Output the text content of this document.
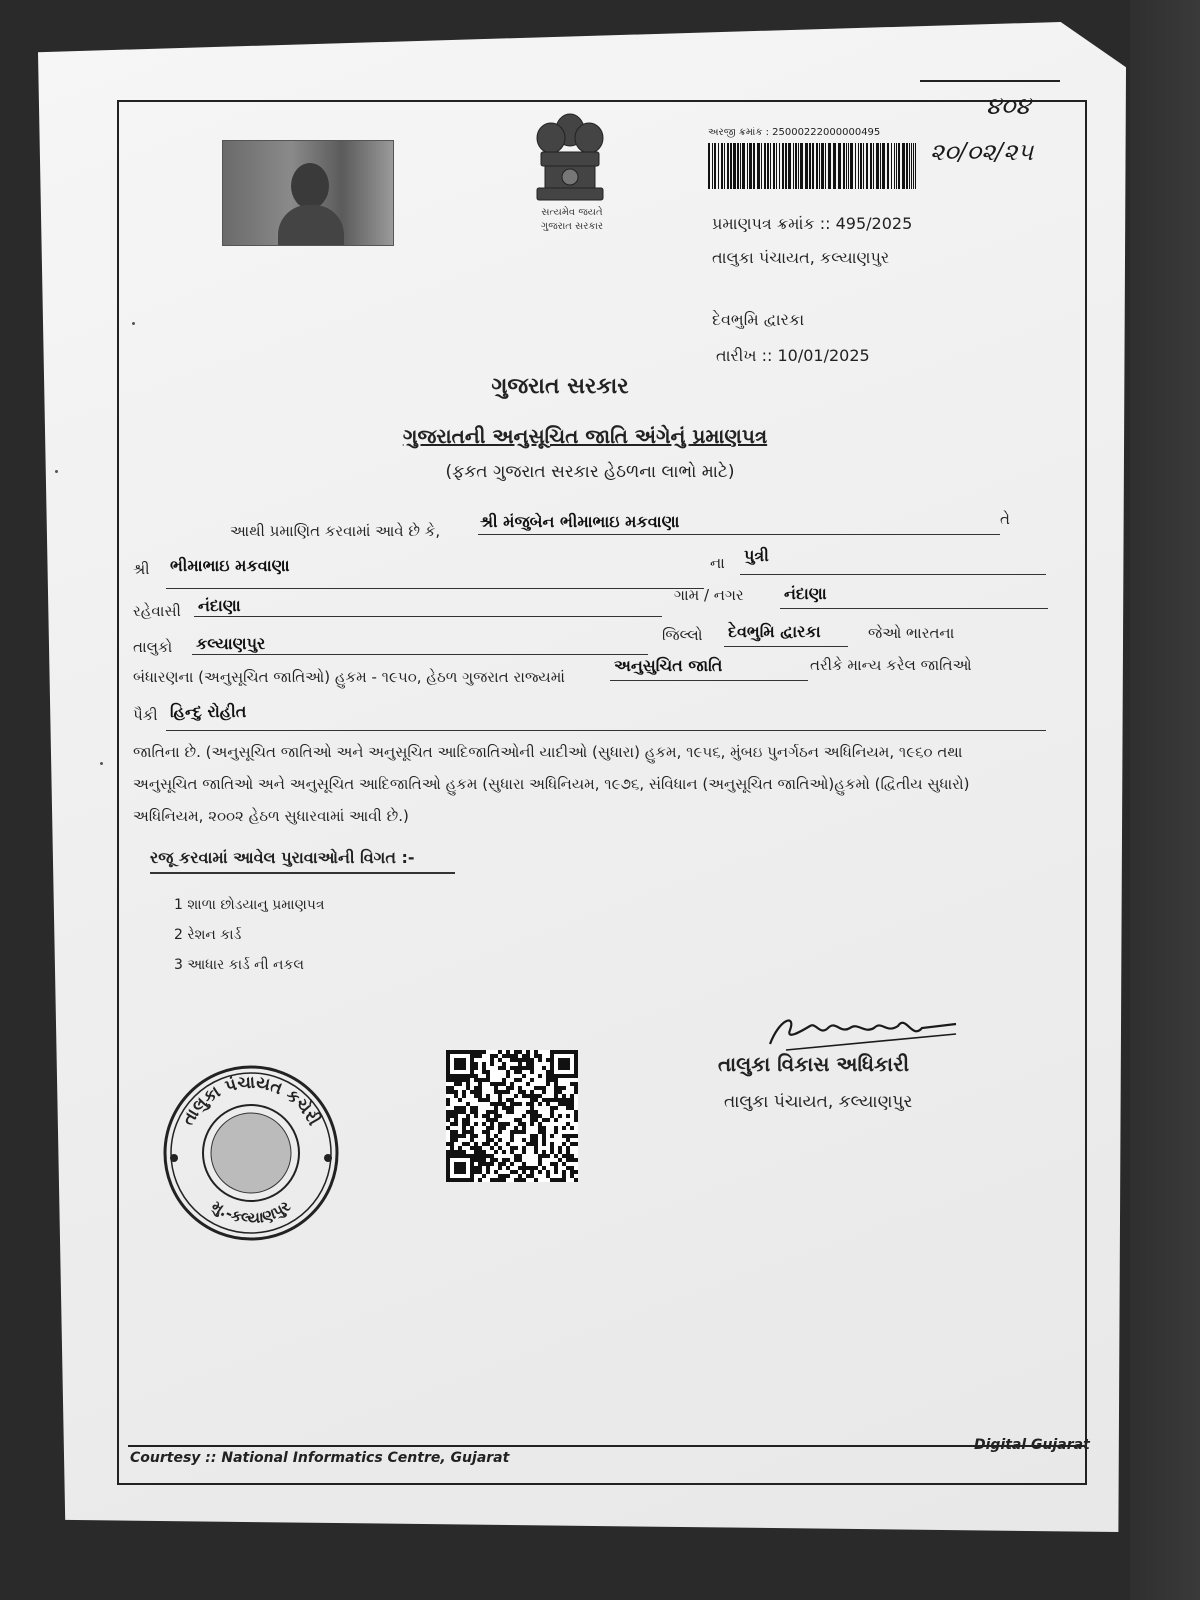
સત્યમેવ જયતે
ગુજરાત સરકાર
અરજી ક્રમાંક : 25000222000000495
પ્રમાણપત્ર ક્રમાંક :: 495/2025
તાલુકા પંચાયત, કલ્યાણપુર
દેવભુમિ દ્વારકા
તારીખ :: 10/01/2025
૪૦૪
૨૦/૦૨/૨૫
ગુજરાત સરકાર
ગુજરાતની અનુસૂચિત જાતિ અંગેનું પ્રમાણપત્ર
(ફકત ગુજરાત સરકાર હેઠળના લાભો માટે)
આથી પ્રમાણિત કરવામાં આવે છે કે, શ્રી મંજુબેન ભીમાભાઇ મકવાણા	તે
શ્રી ભીમાભાઇ મકવાણા	ના પુત્રી
રહેવાસી નંદાણા
ગામ / નગર	નંદાણા
તાલુકો કલ્યાણપુર	જિલ્લો દેવભુમિ દ્વારકા	જેઓ ભારતના
બંધારણના (અનુસૂચિત જાતિઓ) હુકમ - ૧૯૫૦, હેઠળ ગુજરાત રાજ્યમાં
અનુસુચિત જાતિ	તરીકે માન્ય કરેલ જાતિઓ
પૈકી હિન્દુ રોહીત
જાતિના છે. (અનુસૂચિત જાતિઓ અને અનુસૂચિત આદિજાતિઓની યાદીઓ (સુધારા) હુકમ, ૧૯૫૬, મુંબઇ પુનર્ગઠન અધિનિયમ, ૧૯૬૦ તથા
અનુસૂચિત જાતિઓ અને અનુસૂચિત આદિજાતિઓ હુકમ (સુધારા અધિનિયમ, ૧૯૭૬, સંવિધાન (અનુસૂચિત જાતિઓ)હુકમો (દ્વિતીય સુધારો)
અધિનિયમ, ૨૦૦૨ હેઠળ સુધારવામાં આવી છે.)
રજૂ કરવામાં આવેલ પુરાવાઓની વિગત :-
1 શાળા છોડયાનુ પ્રમાણપત્ર
2 રેશન કાર્ડ
3 આધાર કાર્ડ ની નકલ
તાલુકા પંચાયત કચેરી
મુ.-કલ્યાણપુર
તાલુકા વિકાસ અધિકારી
તાલુકા પંચાયત, કલ્યાણપુર
Courtesy :: National Informatics Centre, Gujarat
Digital Gujarat
